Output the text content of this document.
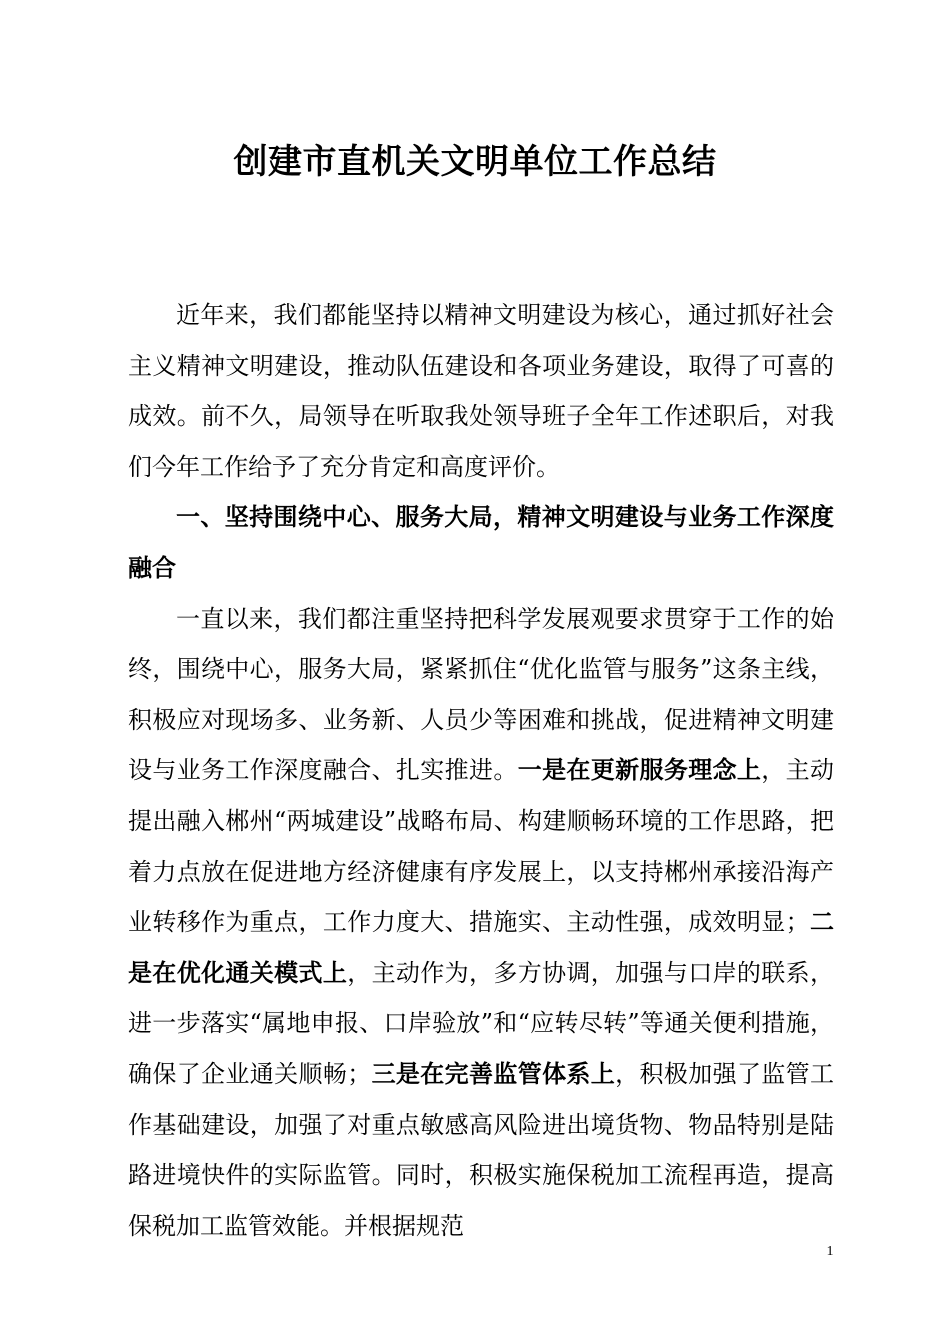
创建市直机关文明单位工作总结

近年来，我们都能坚持以精神文明建设为核心，通过抓好社会主义精神文明建设，推动队伍建设和各项业务建设，取得了可喜的成效。前不久，局领导在听取我处领导班子全年工作述职后，对我们今年工作给予了充分肯定和高度评价。

一、坚持围绕中心、服务大局，精神文明建设与业务工作深度融合

一直以来，我们都注重坚持把科学发展观要求贯穿于工作的始终，围绕中心，服务大局，紧紧抓住“优化监管与服务”这条主线，积极应对现场多、业务新、人员少等困难和挑战，促进精神文明建设与业务工作深度融合、扎实推进。一是在更新服务理念上，主动提出融入郴州“两城建设”战略布局、构建顺畅环境的工作思路，把着力点放在促进地方经济健康有序发展上，以支持郴州承接沿海产业转移作为重点，工作力度大、措施实、主动性强，成效明显；二是在优化通关模式上，主动作为，多方协调，加强与口岸的联系，进一步落实“属地申报、口岸验放”和“应转尽转”等通关便利措施，确保了企业通关顺畅；三是在完善监管体系上，积极加强了监管工作基础建设，加强了对重点敏感高风险进出境货物、物品特别是陆路进境快件的实际监管。同时，积极实施保税加工流程再造，提高保税加工监管效能。并根据规范

1
